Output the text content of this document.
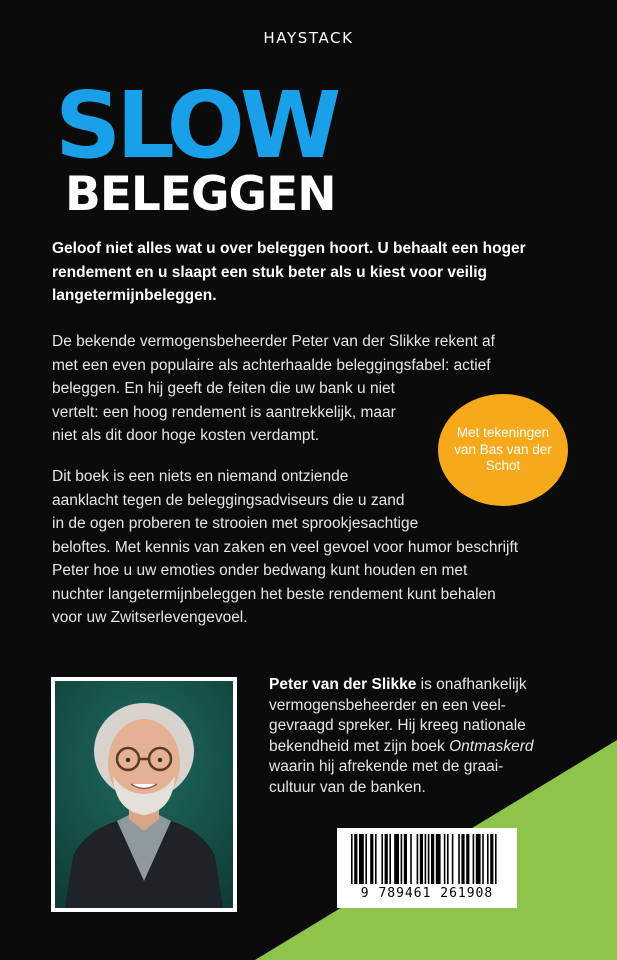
HAYSTACK
SLOW
BELEGGEN

Geloof niet alles wat u over beleggen hoort. U behaalt een hoger rendement en u slaapt een stuk beter als u kiest voor veilig langetermijnbeleggen.

De bekende vermogensbeheerder Peter van der Slikke rekent af
met een even populaire als achterhaalde beleggingsfabel: actief
beleggen. En hij geeft de feiten die uw bank u niet
vertelt: een hoog rendement is aantrekkelijk, maar
niet als dit door hoge kosten verdampt.	Met tekeningen van Bas van der Schot

Dit boek is een niets en niemand ontziende
aanklacht tegen de beleggingsadviseurs die u zand
in de ogen proberen te strooien met sprookjesachtige
beloftes. Met kennis van zaken en veel gevoel voor humor beschrijft
Peter hoe u uw emoties onder bedwang kunt houden en met
nuchter langetermijnbeleggen het beste rendement kunt behalen
voor uw Zwitserlevengevoel.

Peter van der Slikke is onafhankelijk
vermogensbeheerder en een veel-
gevraagd spreker. Hij kreeg nationale
bekendheid met zijn boek Ontmaskerd
waarin hij afrekende met de graai-
cultuur van de banken.

9 789461 261908
